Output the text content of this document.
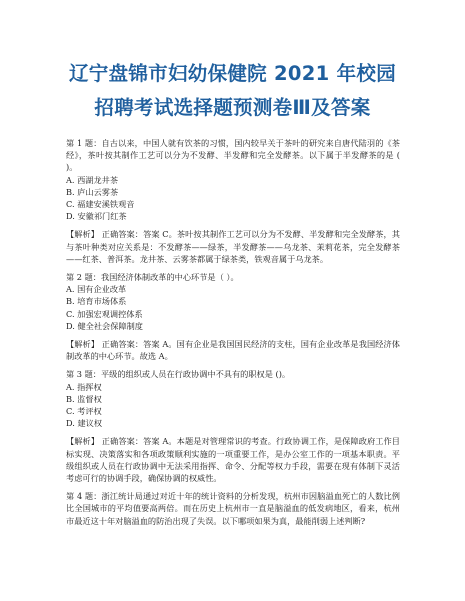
辽宁盘锦市妇幼保健院 2021 年校园
招聘考试选择题预测卷Ⅲ及答案

第 1 题：自古以来，中国人就有饮茶的习惯，国内较早关于茶叶的研究来自唐代陆羽的《茶经》，茶叶按其制作工艺可以分为不发酵、半发酵和完全发酵茶。以下属于半发酵茶的是 ( )。

A. 西湖龙井茶

B. 庐山云雾茶

C. 福建安溪铁观音

D. 安徽祁门红茶

【解析】 正确答案：答案 C。茶叶按其制作工艺可以分为不发酵、半发酵和完全发酵茶，其与茶叶种类对应关系是：不发酵茶——绿茶，半发酵茶——乌龙茶、茉莉花茶，完全发酵茶——红茶、普洱茶。龙井茶、云雾茶都属于绿茶类，铁观音属于乌龙茶。

第 2 题：我国经济体制改革的中心环节是（ ）。

A. 国有企业改革

B. 培育市场体系

C. 加强宏观调控体系

D. 健全社会保障制度

【解析】 正确答案：答案 A。国有企业是我国国民经济的支柱，国有企业改革是我国经济体制改革的中心环节。故选 A。

第 3 题：平级的组织或人员在行政协调中不具有的职权是 ()。

A. 指挥权

B. 监督权

C. 考评权

D. 建议权

【解析】 正确答案：答案 A。本题是对管理常识的考查。行政协调工作，是保障政府工作目标实现、决策落实和各项政策顺利实施的一项重要工作，是办公室工作的一项基本职责。平级组织或人员在行政协调中无法采用指挥、命令、分配等权力手段，需要在现有体制下灵活考虑可行的协调手段，确保协调的权威性。

第 4 题：浙江统计局通过对近十年的统计资料的分析发现，杭州市因脑溢血死亡的人数比例比全国城市的平均值要高两倍。而在历史上杭州市一直是脑溢血的低发病地区，看来，杭州市最近这十年对脑溢血的防治出现了失误。以下哪项如果为真，最能削弱上述判断?
